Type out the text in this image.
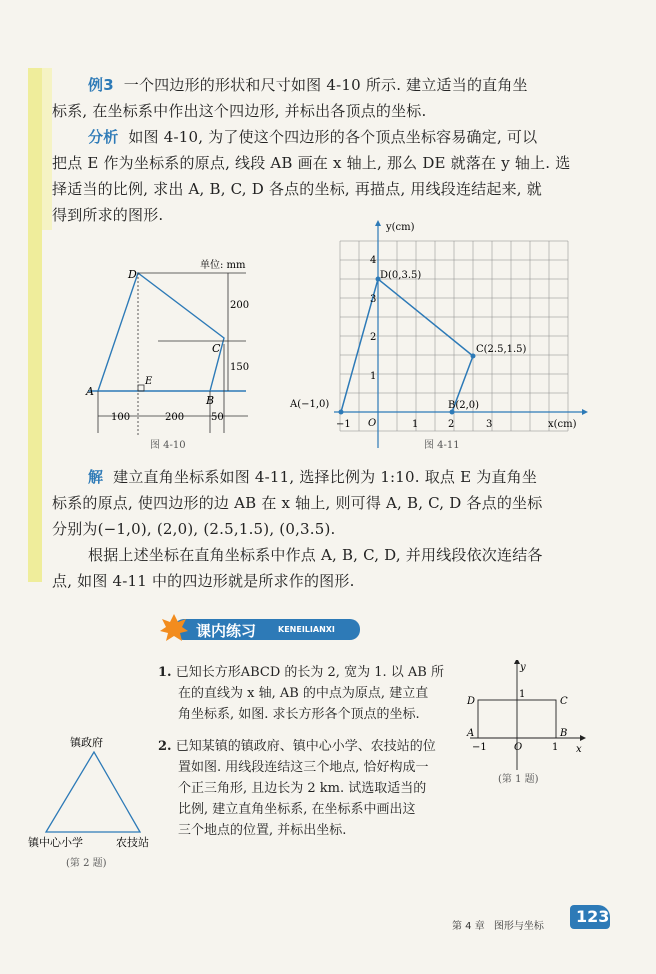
例3 一个四边形的形状和尺寸如图 4-10 所示. 建立适当的直角坐

标系, 在坐标系中作出这个四边形, 并标出各顶点的坐标.

分析 如图 4-10, 为了使这个四边形的各个顶点坐标容易确定, 可以

把点 E 作为坐标系的原点, 线段 AB 画在 x 轴上, 那么 DE 就落在 y 轴上. 选

择适当的比例, 求出 A, B, C, D 各点的坐标, 再描点, 用线段连结起来, 就

得到所求的图形.

A
B
C
D
E
单位: mm
200
150
100	200	50
图 4-10
y(cm)
x(cm)
O
−1	1	2	3
1
2
3
4
A(−1,0)	B(2,0)
C(2.5,1.5)
D(0,3.5)
图 4-11

解 建立直角坐标系如图 4-11, 选择比例为 1:10. 取点 E 为直角坐

标系的原点, 使四边形的边 AB 在 x 轴上, 则可得 A, B, C, D 各点的坐标

分别为(−1,0), (2,0), (2.5,1.5), (0,3.5).

根据上述坐标在直角坐标系中作点 A, B, C, D, 并用线段依次连结各

点, 如图 4-11 中的四边形就是所求作的图形.

课内练习	KENEILIANXI
1. 已知长方形ABCD 的长为 2, 宽为 1. 以 AB 所
在的直线为 x 轴, AB 的中点为原点, 建立直
角坐标系, 如图. 求长方形各个顶点的坐标.
y
x
D	C
A	B
O
1
−1	1
(第 1 题)
2. 已知某镇的镇政府、镇中心小学、农技站的位
置如图. 用线段连结这三个地点, 恰好构成一
个正三角形, 且边长为 2 km. 试选取适当的
比例, 建立直角坐标系, 在坐标系中画出这
三个地点的位置, 并标出坐标.
镇政府
镇中心小学	农技站
(第 2 题)
第 4 章 图形与坐标
123
